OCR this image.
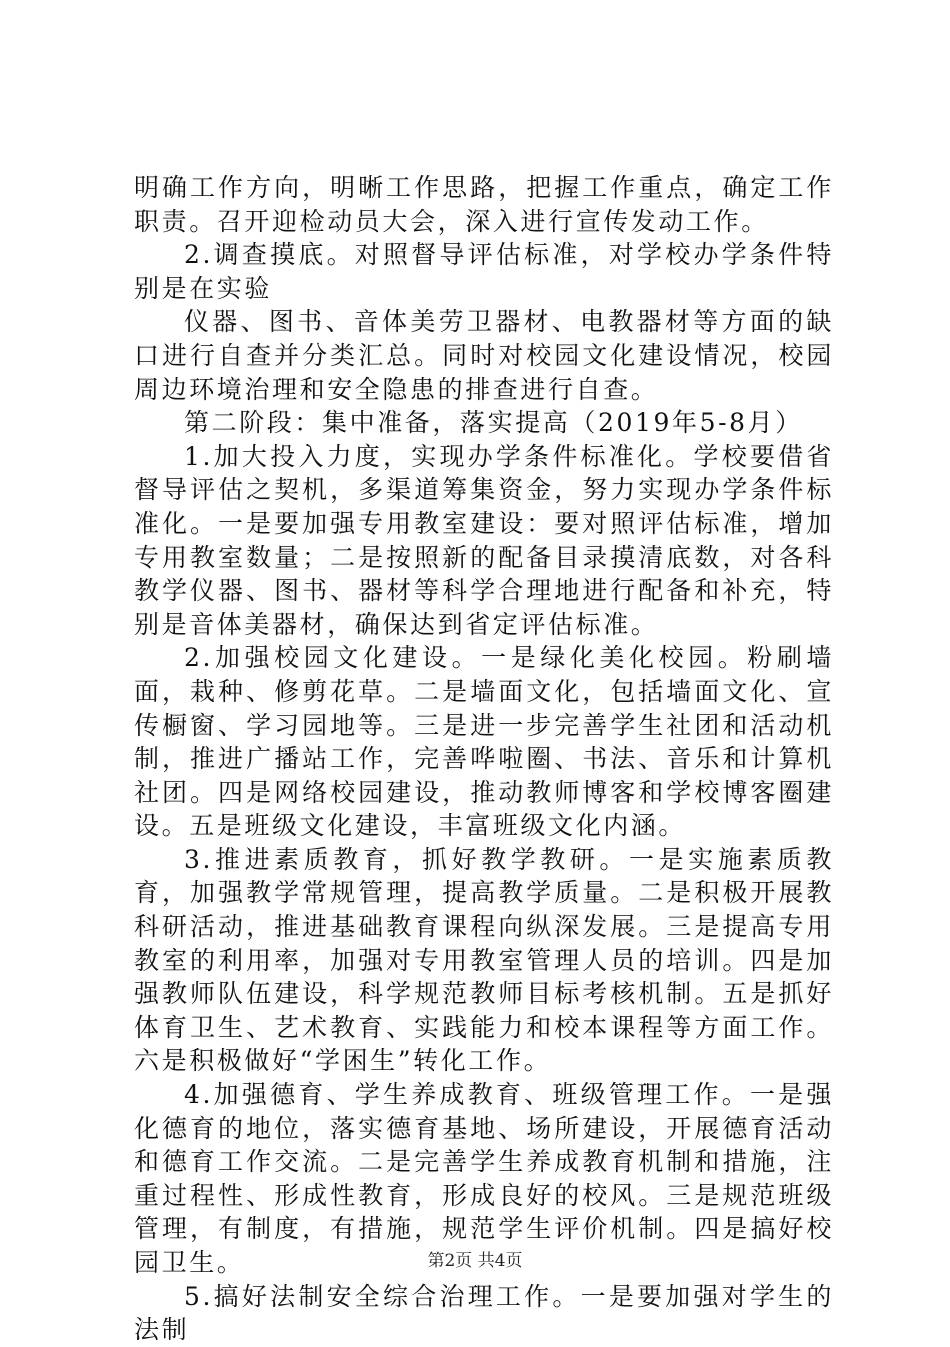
明确工作方向，明晰工作思路，把握工作重点，确定工作职责。召开迎检动员大会，深入进行宣传发动工作。

2.调查摸底。对照督导评估标准，对学校办学条件特别是在实验

仪器、图书、音体美劳卫器材、电教器材等方面的缺口进行自查并分类汇总。同时对校园文化建设情况，校园周边环境治理和安全隐患的排查进行自查。

第二阶段：集中准备，落实提高（2019年5-8月）

1.加大投入力度，实现办学条件标准化。学校要借省督导评估之契机，多渠道筹集资金，努力实现办学条件标准化。一是要加强专用教室建设：要对照评估标准，增加专用教室数量；二是按照新的配备目录摸清底数，对各科教学仪器、图书、器材等科学合理地进行配备和补充，特别是音体美器材，确保达到省定评估标准。

2.加强校园文化建设。一是绿化美化校园。粉刷墙面，栽种、修剪花草。二是墙面文化，包括墙面文化、宣传橱窗、学习园地等。三是进一步完善学生社团和活动机制，推进广播站工作，完善哗啦圈、书法、音乐和计算机社团。四是网络校园建设，推动教师博客和学校博客圈建设。五是班级文化建设，丰富班级文化内涵。

3.推进素质教育，抓好教学教研。一是实施素质教育，加强教学常规管理，提高教学质量。二是积极开展教科研活动，推进基础教育课程向纵深发展。三是提高专用教室的利用率，加强对专用教室管理人员的培训。四是加强教师队伍建设，科学规范教师目标考核机制。五是抓好体育卫生、艺术教育、实践能力和校本课程等方面工作。六是积极做好“学困生”转化工作。

4.加强德育、学生养成教育、班级管理工作。一是强化德育的地位，落实德育基地、场所建设，开展德育活动和德育工作交流。二是完善学生养成教育机制和措施，注重过程性、形成性教育，形成良好的校风。三是规范班级管理，有制度，有措施，规范学生评价机制。四是搞好校园卫生。

5.搞好法制安全综合治理工作。一是要加强对学生的法制

第2页 共4页
